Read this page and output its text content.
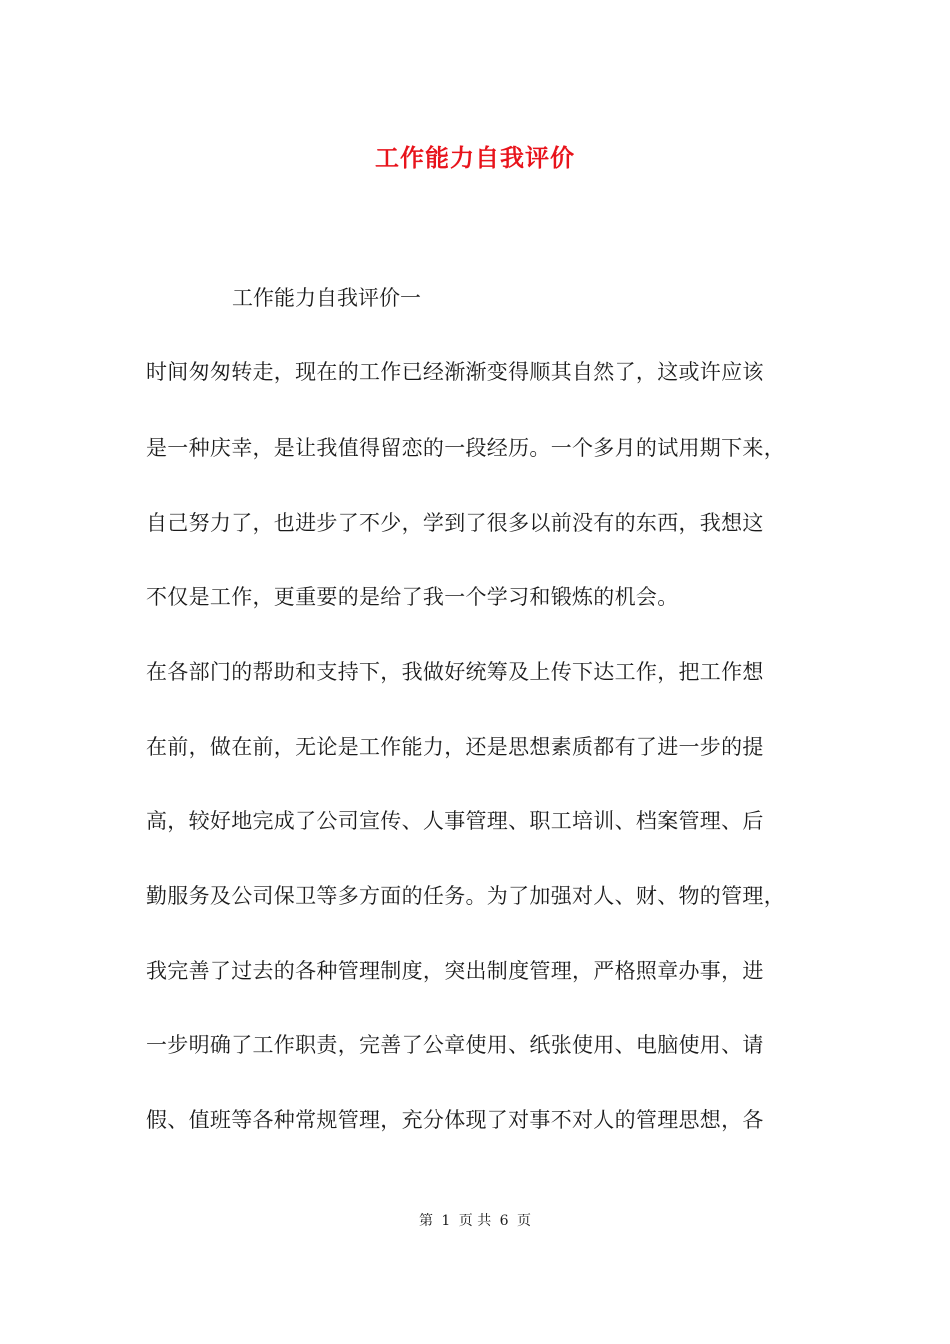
工作能力自我评价
工作能力自我评价一
时间匆匆转走，现在的工作已经渐渐变得顺其自然了，这或许应该
是一种庆幸，是让我值得留恋的一段经历。一个多月的试用期下来，
自己努力了，也进步了不少，学到了很多以前没有的东西，我想这
不仅是工作，更重要的是给了我一个学习和锻炼的机会。
在各部门的帮助和支持下，我做好统筹及上传下达工作，把工作想
在前，做在前，无论是工作能力，还是思想素质都有了进一步的提
高，较好地完成了公司宣传、人事管理、职工培训、档案管理、后
勤服务及公司保卫等多方面的任务。为了加强对人、财、物的管理，
我完善了过去的各种管理制度，突出制度管理，严格照章办事，进
一步明确了工作职责，完善了公章使用、纸张使用、电脑使用、请
假、值班等各种常规管理，充分体现了对事不对人的管理思想，各
第 1 页 共 6 页
